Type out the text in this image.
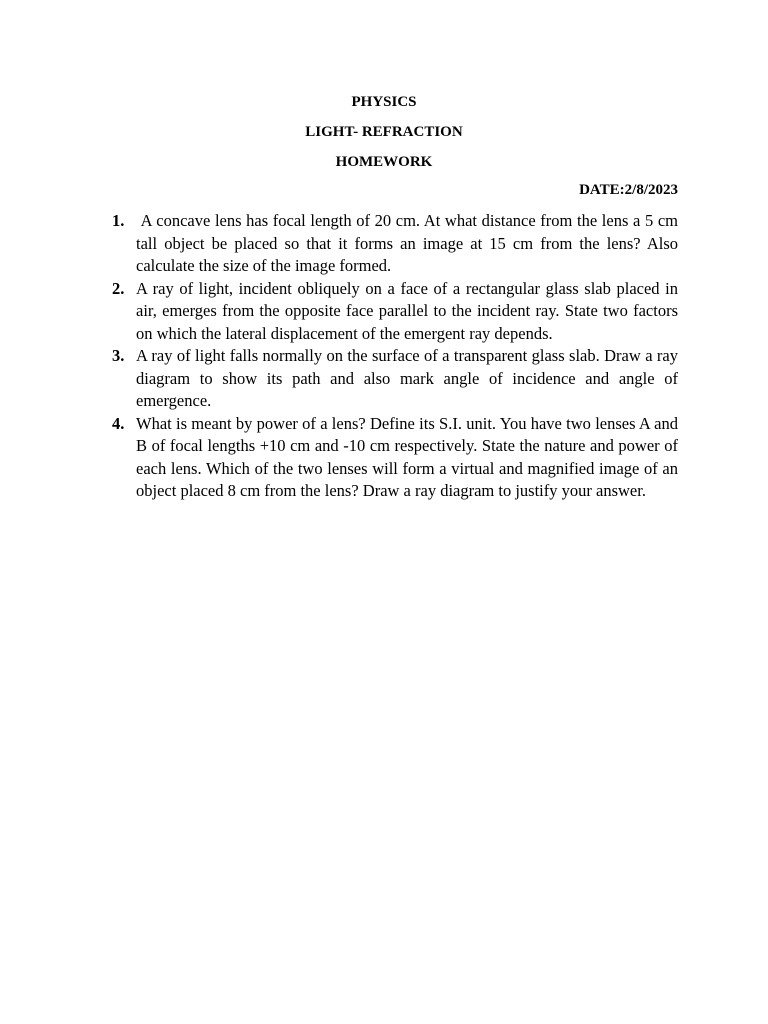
PHYSICS
LIGHT- REFRACTION
HOMEWORK
DATE:2/8/2023
1. A concave lens has focal length of 20 cm. At what distance from the lens a 5 cm tall object be placed so that it forms an image at 15 cm from the lens? Also calculate the size of the image formed.
2. A ray of light, incident obliquely on a face of a rectangular glass slab placed in air, emerges from the opposite face parallel to the incident ray. State two factors on which the lateral displacement of the emergent ray depends.
3. A ray of light falls normally on the surface of a transparent glass slab. Draw a ray diagram to show its path and also mark angle of incidence and angle of emergence.
4. What is meant by power of a lens? Define its S.I. unit. You have two lenses A and B of focal lengths +10 cm and -10 cm respectively. State the nature and power of each lens. Which of the two lenses will form a virtual and magnified image of an object placed 8 cm from the lens? Draw a ray diagram to justify your answer.
